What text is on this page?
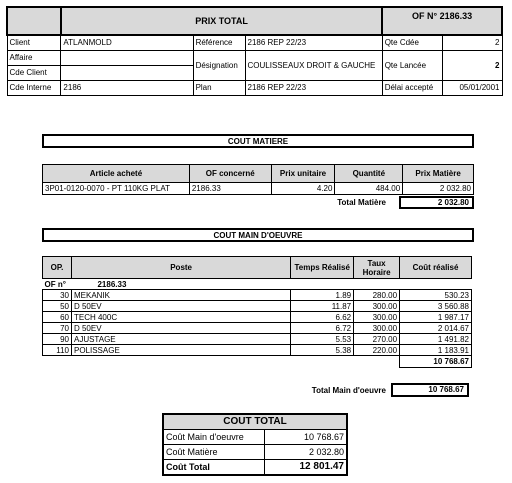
	PRIX TOTAL			OF N° 2186.33	
Client	ATLANMOLD	Référence	2186 REP 22/23	Qte Cdée	2
Affaire		Désignation	COULISSEAUX DROIT & GAUCHE	Qte Lancée	2
Cde Client					
Cde Interne	2186	Plan	2186 REP 22/23	Délai accepté	05/01/2001
COUT MATIERE
Article acheté	OF concerné	Prix unitaire	Quantité	Prix Matière
3P01-0120-0070 - PT 110KG PLAT	2186.33	4.20	484.00	2 032.80
Total Matière	2 032.80
COUT MAIN D'OEUVRE
OP.	Poste	Temps Réalisé	Taux Horaire	Coût réalisé
OF n°	2186.33			
30	MEKANIK	1.89	280.00	530.23
50	D 50EV	11.87	300.00	3 560.88
60	TECH 400C	6.62	300.00	1 987.17
70	D 50EV	6.72	300.00	2 014.67
90	AJUSTAGE	5.53	270.00	1 491.82
110	POLISSAGE	5.38	220.00	1 183.91
				10 768.67
Total Main d'oeuvre	10 768.67
COUT TOTAL	
Coût Main d'oeuvre	10 768.67
Coût Matière	2 032.80
Coût Total	12 801.47
